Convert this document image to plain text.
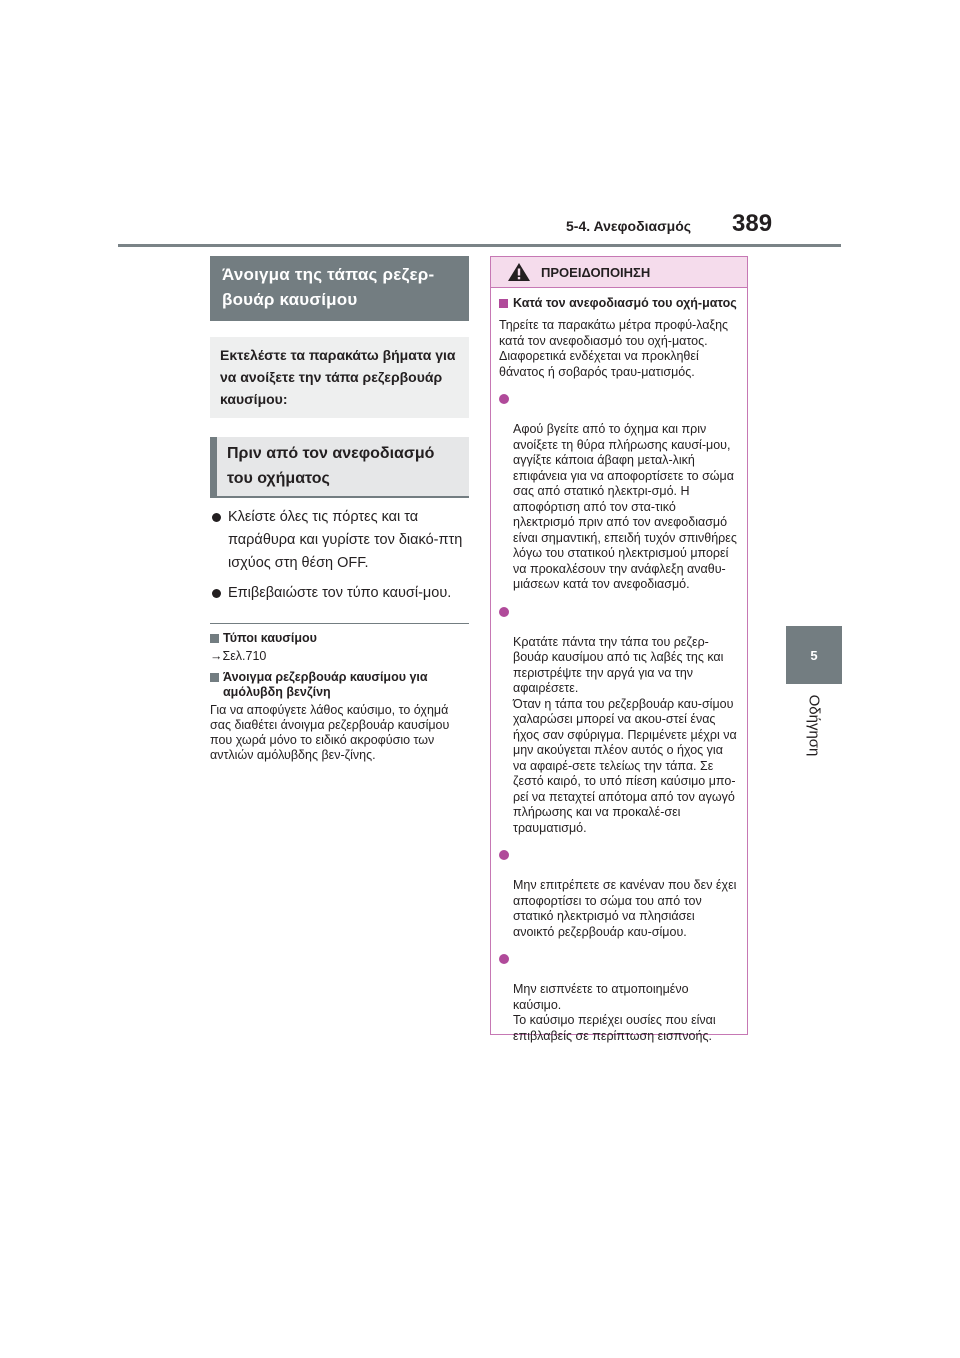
5-4. Ανεφοδιασμός 389
5
Οδήγηση
Άνοιγμα της τάπας ρεζερ-βουάρ καυσίμου
Εκτελέστε τα παρακάτω βήματα για να ανοίξετε την τάπα ρεζερβουάρ καυσίμου:
Πριν από τον ανεφοδιασμό του οχήματος
Κλείστε όλες τις πόρτες και τα παράθυρα και γυρίστε τον διακό-πτη ισχύος στη θέση OFF.
Επιβεβαιώστε τον τύπο καυσί-μου.
Τύποι καυσίμου
→Σελ.710
Άνοιγμα ρεζερβουάρ καυσίμου για αμόλυβδη βενζίνη
Για να αποφύγετε λάθος καύσιμο, το όχημά σας διαθέτει άνοιγμα ρεζερβουάρ καυσίμου που χωρά μόνο το ειδικό ακροφύσιο των αντλιών αμόλυβδης βεν-ζίνης.
ΠΡΟΕΙΔΟΠΟΙΗΣΗ
Κατά τον ανεφοδιασμό του οχή-ματος
Τηρείτε τα παρακάτω μέτρα προφύ-λαξης κατά τον ανεφοδιασμό του οχή-ματος. Διαφορετικά ενδέχεται να προκληθεί θάνατος ή σοβαρός τραυ-ματισμός.

Αφού βγείτε από το όχημα και πριν ανοίξετε τη θύρα πλήρωσης καυσί-μου, αγγίξτε κάποια άβαφη μεταλ-λική επιφάνεια για να αποφορτίσετε το σώμα σας από στατικό ηλεκτρι-σμό. Η αποφόρτιση από τον στα-τικό ηλεκτρισμό πριν από τον ανεφοδιασμό είναι σημαντική, επειδή τυχόν σπινθήρες λόγω του στατικού ηλεκτρισμού μπορεί να προκαλέσουν την ανάφλεξη αναθυ-μιάσεων κατά τον ανεφοδιασμό.

Κρατάτε πάντα την τάπα του ρεζερ-βουάρ καυσίμου από τις λαβές της και περιστρέψτε την αργά για να την αφαιρέσετε.
Όταν η τάπα του ρεζερβουάρ καυ-σίμου χαλαρώσει μπορεί να ακου-στεί ένας ήχος σαν σφύριγμα. Περιμένετε μέχρι να μην ακούγεται πλέον αυτός ο ήχος για να αφαιρέ-σετε τελείως την τάπα. Σε ζεστό καιρό, το υπό πίεση καύσιμο μπο-ρεί να πεταχτεί απότομα από τον αγωγό πλήρωσης και να προκαλέ-σει τραυματισμό.

Μην επιτρέπετε σε κανέναν που δεν έχει αποφορτίσει το σώμα του από τον στατικό ηλεκτρισμό να πλησιάσει ανοικτό ρεζερβουάρ καυ-σίμου.

Μην εισπνέετε το ατμοποιημένο καύσιμο.
Το καύσιμο περιέχει ουσίες που είναι επιβλαβείς σε περίπτωση εισπνοής.
